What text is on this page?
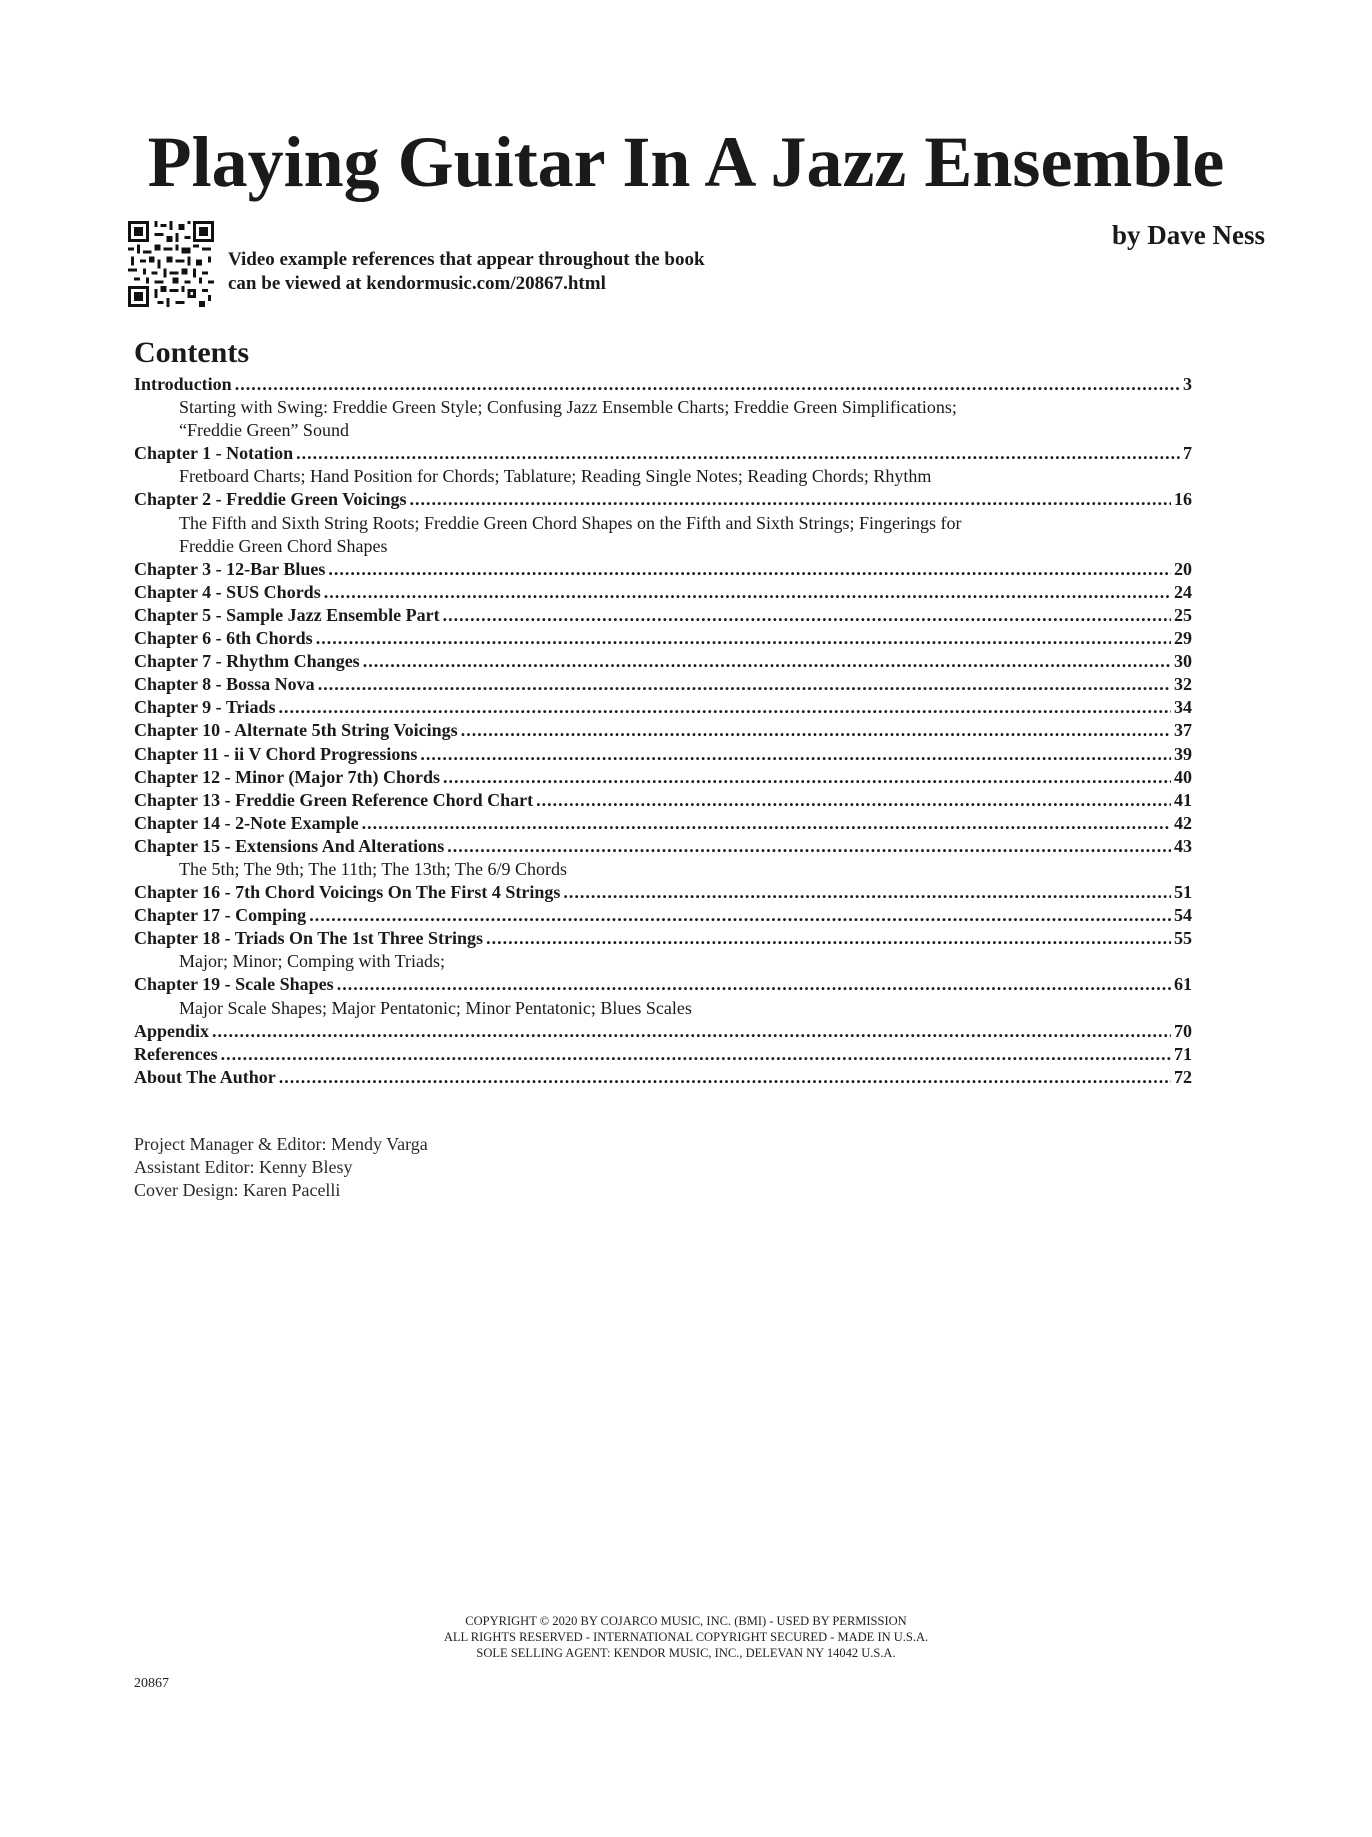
Playing Guitar In A Jazz Ensemble
by Dave Ness
Video example references that appear throughout the book
can be viewed at kendormusic.com/20867.html
Contents
Introduction .....	3
Starting with Swing: Freddie Green Style; Confusing Jazz Ensemble Charts; Freddie Green Simplifications;
“Freddie Green” Sound
Chapter 1 - Notation .....	7
Fretboard Charts; Hand Position for Chords; Tablature; Reading Single Notes; Reading Chords; Rhythm
Chapter 2 - Freddie Green Voicings .....	16
The Fifth and Sixth String Roots; Freddie Green Chord Shapes on the Fifth and Sixth Strings; Fingerings for
Freddie Green Chord Shapes
Chapter 3 - 12-Bar Blues .....	20
Chapter 4 - SUS Chords .....	24
Chapter 5 - Sample Jazz Ensemble Part .....	25
Chapter 6 - 6th Chords .....	29
Chapter 7 - Rhythm Changes .....	30
Chapter 8 - Bossa Nova .....	32
Chapter 9 - Triads .....	34
Chapter 10 - Alternate 5th String Voicings .....	37
Chapter 11 - ii V Chord Progressions .....	39
Chapter 12 - Minor (Major 7th) Chords .....	40
Chapter 13 - Freddie Green Reference Chord Chart .....	41
Chapter 14 - 2-Note Example .....	42
Chapter 15 - Extensions And Alterations .....	43
The 5th; The 9th; The 11th; The 13th; The 6/9 Chords
Chapter 16 - 7th Chord Voicings On The First 4 Strings .....	51
Chapter 17 - Comping .....	54
Chapter 18 - Triads On The 1st Three Strings .....	55
Major; Minor; Comping with Triads;
Chapter 19 - Scale Shapes .....	61
Major Scale Shapes; Major Pentatonic; Minor Pentatonic; Blues Scales
Appendix .....	70
References .....	71
About The Author .....	72
Project Manager & Editor: Mendy Varga
Assistant Editor: Kenny Blesy
Cover Design: Karen Pacelli
COPYRIGHT © 2020 BY COJARCO MUSIC, INC. (BMI) - USED BY PERMISSION
ALL RIGHTS RESERVED - INTERNATIONAL COPYRIGHT SECURED - MADE IN U.S.A.
SOLE SELLING AGENT: KENDOR MUSIC, INC., DELEVAN NY 14042 U.S.A.
20867
